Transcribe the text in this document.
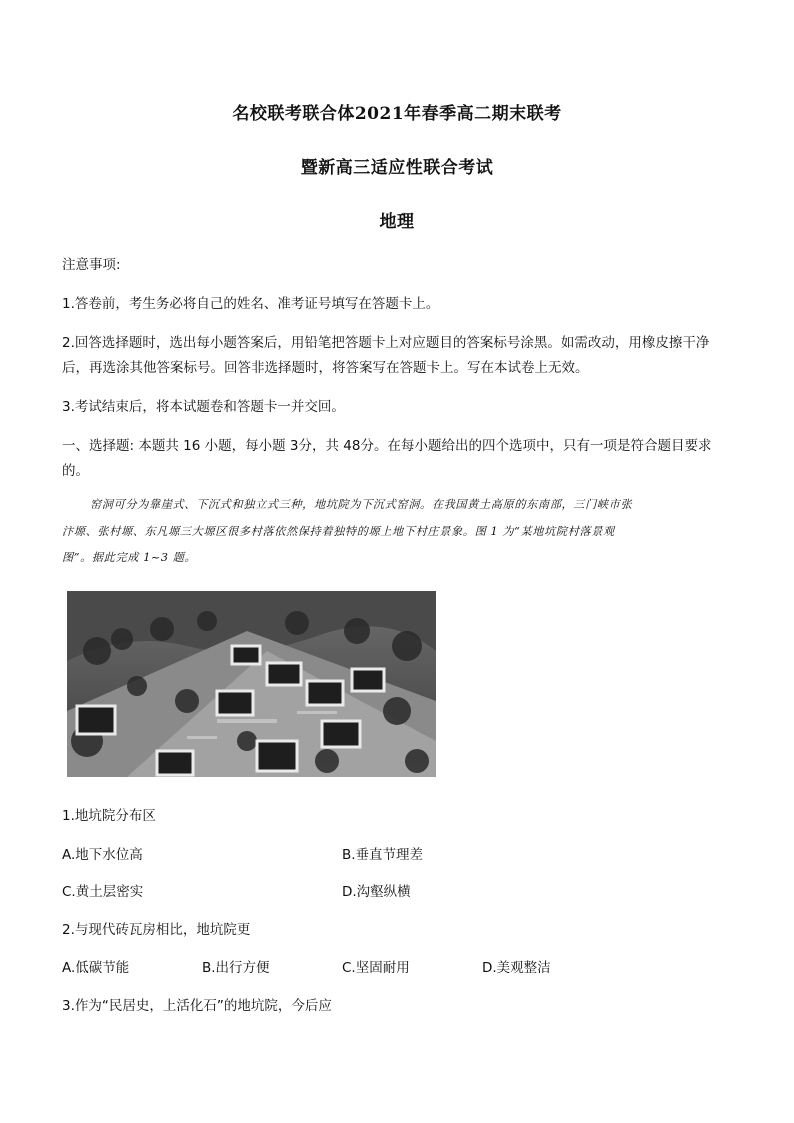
名校联考联合体2021年春季高二期末联考
暨新高三适应性联合考试
地理
注意事项:
1.答卷前，考生务必将自己的姓名、准考证号填写在答题卡上。
2.回答选择题时，选出每小题答案后，用铅笔把答题卡上对应题目的答案标号涂黑。如需改动，用橡皮擦干净
后，再选涂其他答案标号。回答非选择题时，将答案写在答题卡上。写在本试卷上无效。
3.考试结束后，将本试题卷和答题卡一并交回。
一、选择题: 本题共 16 小题，每小题 3分，共 48分。在每小题给出的四个选项中，只有一项是符合题目要求
的。
窑洞可分为靠崖式、下沉式和独立式三种，地坑院为下沉式窑洞。在我国黄土高原的东南部，三门峡市张
汴塬、张村塬、东凡塬三大塬区很多村落依然保持着独特的塬上地下村庄景象。图 1 为“某地坑院村落景观
图”。据此完成 1~3 题。
1.地坑院分布区
A.地下水位高	B.垂直节理差
C.黄土层密实	D.沟壑纵横
2.与现代砖瓦房相比，地坑院更
A.低碳节能	B.出行方便	C.坚固耐用	D.美观整洁
3.作为“民居史，上活化石”的地坑院，今后应
